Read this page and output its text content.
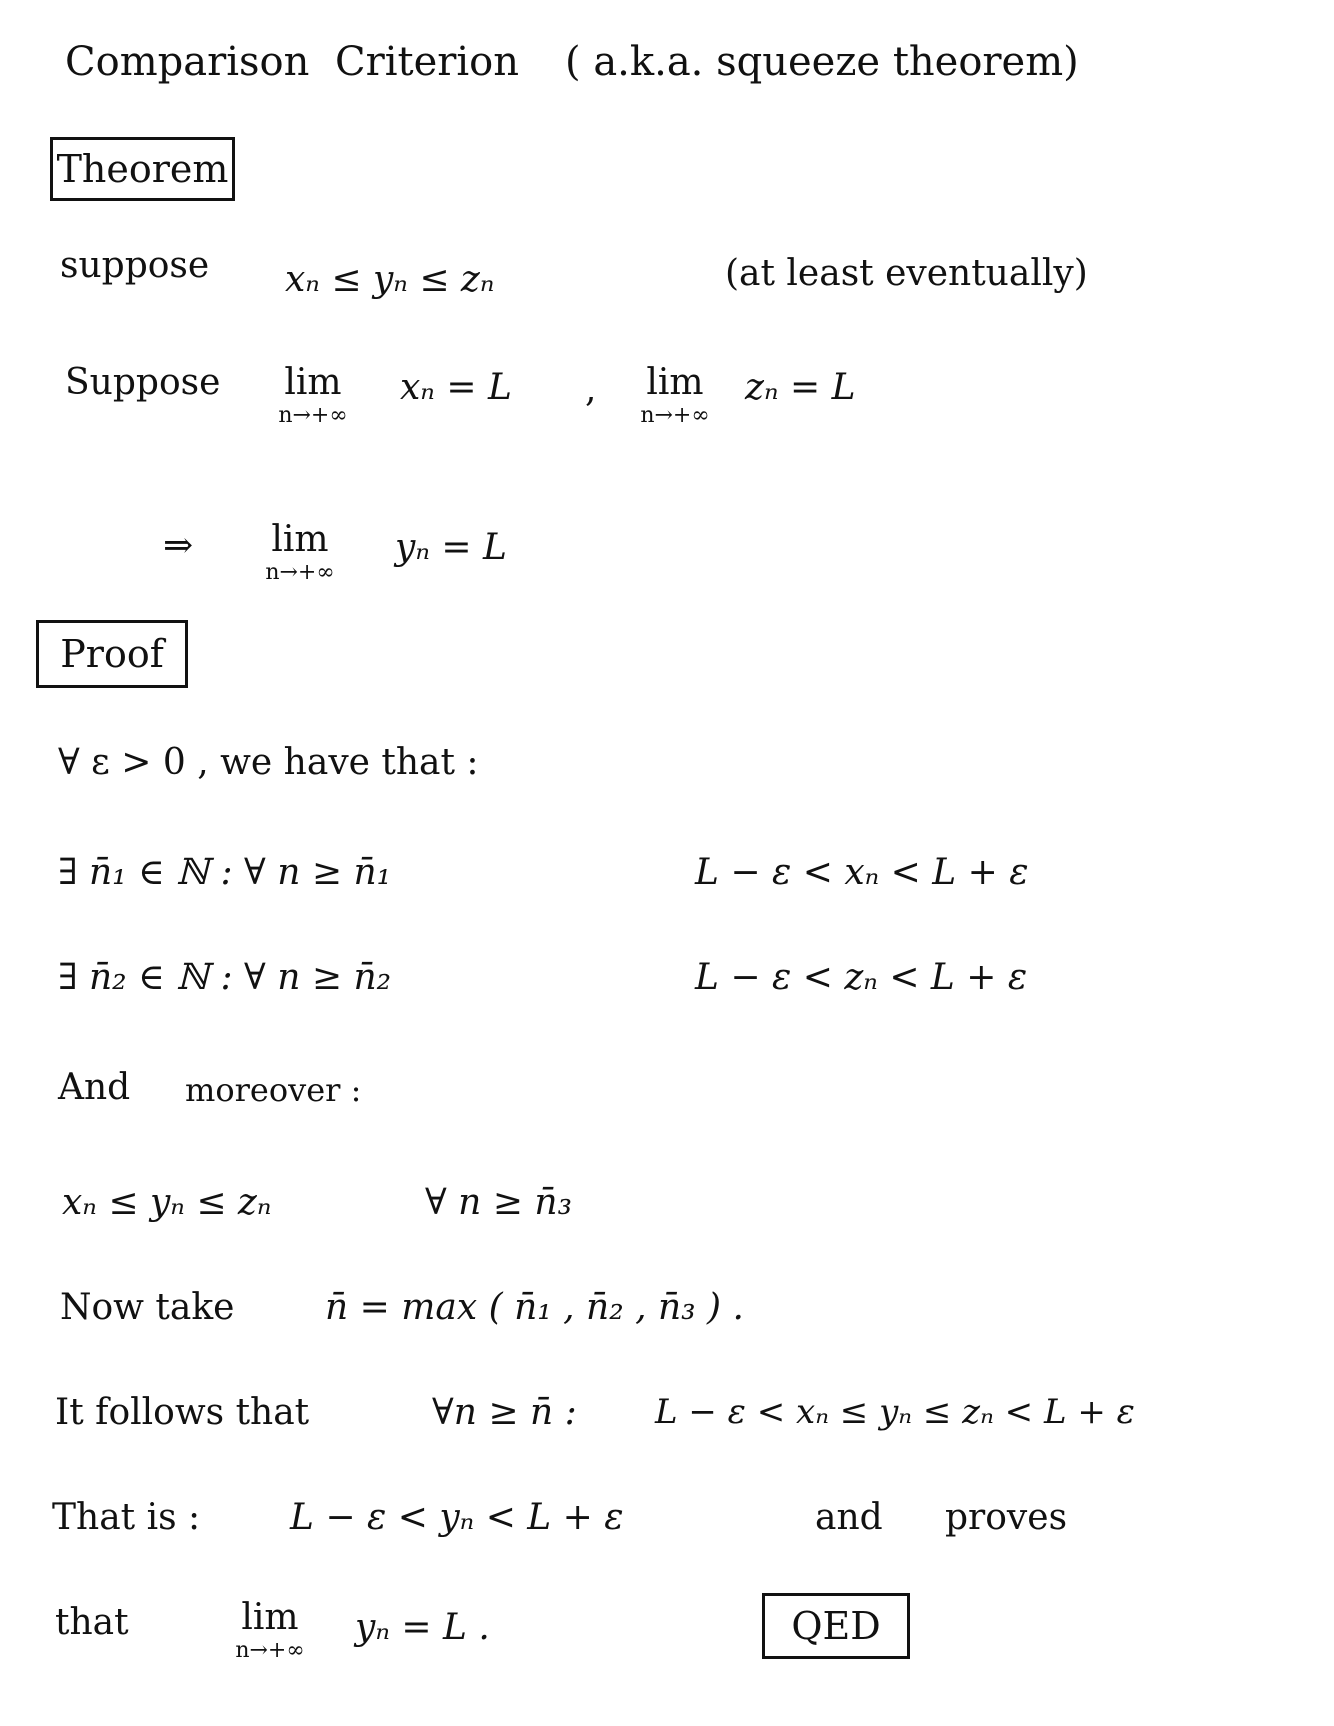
Comparison Criterion ( a.k.a. squeeze theorem)
Theorem
suppose xₙ ≤ yₙ ≤ zₙ	(at least eventually)
Suppose	lim
n→+∞
xₙ = L ,	lim
n→+∞
zₙ = L
⇒	lim
n→+∞
yₙ = L
Proof
∀ ε > 0 , we have that :
∃ n̄₁ ∈ ℕ : ∀ n ≥ n̄₁	L − ε < xₙ < L + ε
∃ n̄₂ ∈ ℕ : ∀ n ≥ n̄₂	L − ε < zₙ < L + ε
And moreover :
xₙ ≤ yₙ ≤ zₙ	∀ n ≥ n̄₃
Now take	n̄ = max ( n̄₁ , n̄₂ , n̄₃ ) .
It follows that	∀n ≥ n̄ : L − ε < xₙ ≤ yₙ ≤ zₙ < L + ε
That is : L − ε < yₙ < L + ε	and proves
that	lim
n→+∞
yₙ = L .	QED
